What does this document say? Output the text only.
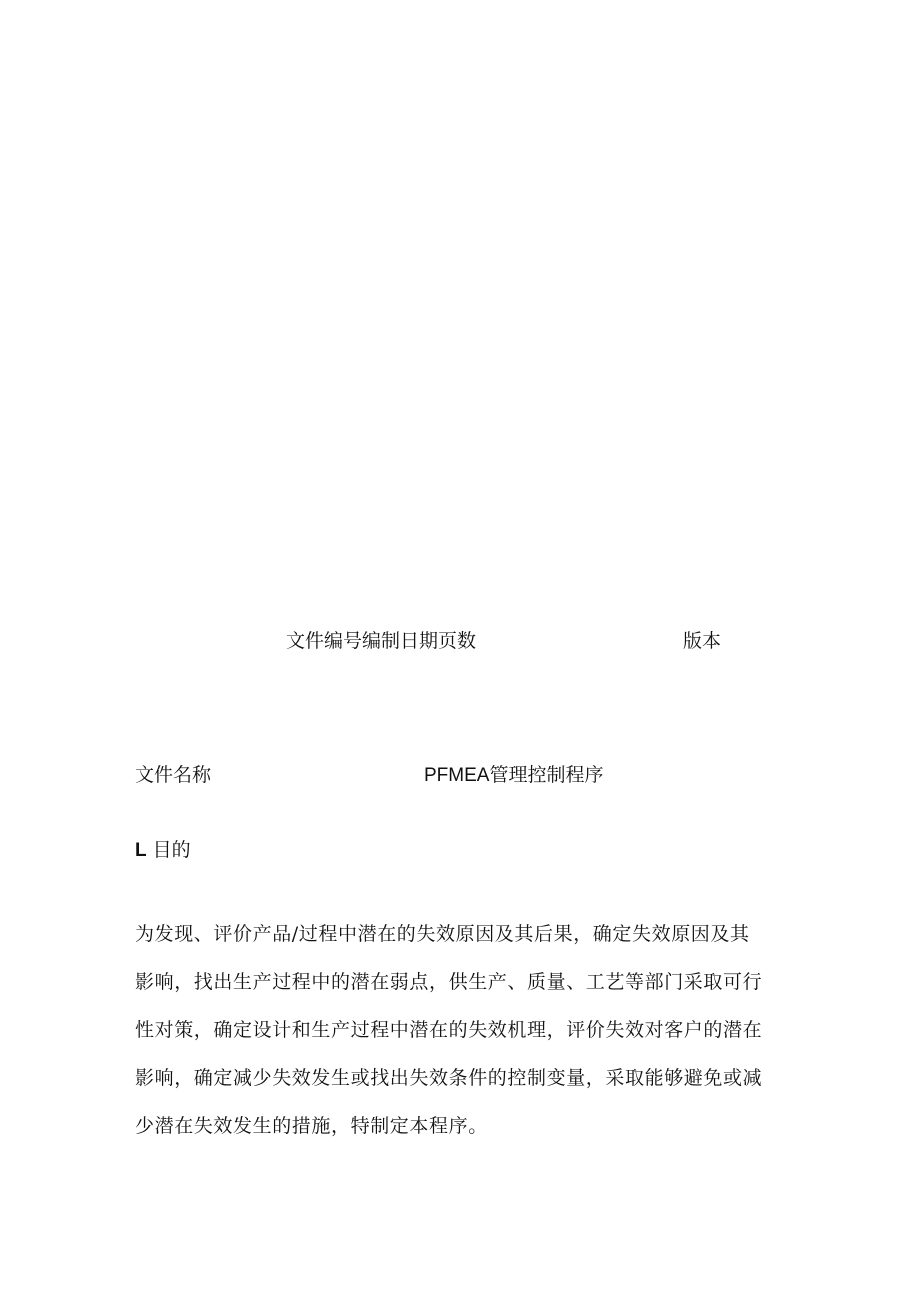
文件编号编制日期页数	版本
文件名称	PFMEA管理控制程序
L 目的
为发现、评价产品/过程中潜在的失效原因及其后果，确定失效原因及其
影响，找出生产过程中的潜在弱点，供生产、质量、工艺等部门采取可行
性对策，确定设计和生产过程中潜在的失效机理，评价失效对客户的潜在
影响，确定减少失效发生或找出失效条件的控制变量，采取能够避免或减
少潜在失效发生的措施，特制定本程序。
